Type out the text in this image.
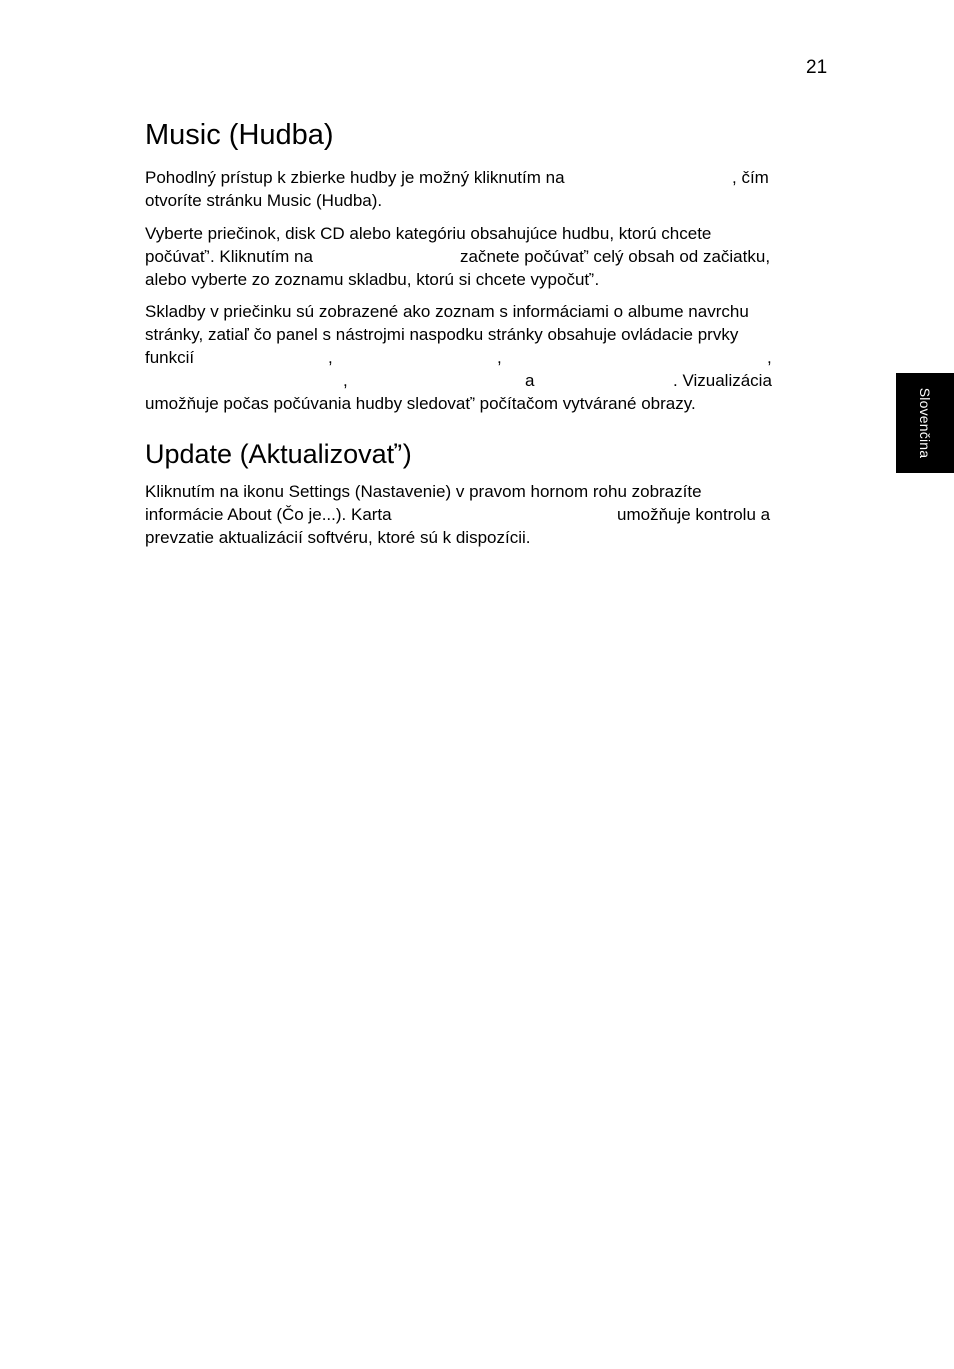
21
Slovenčina
Music (Hudba)
Pohodlný prístup k zbierke hudby je možný kliknutím na	, čím
otvoríte stránku Music (Hudba).
Vyberte priečinok, disk CD alebo kategóriu obsahujúce hudbu, ktorú chcete
počúvať’. Kliknutím na	začnete počúvať’ celý obsah od začiatku,
alebo vyberte zo zoznamu skladbu, ktorú si chcete vypočuť’.
Skladby v priečinku sú zobrazené ako zoznam s informáciami o albume navrchu
stránky, zatiaľ čo panel s nástrojmi naspodku stránky obsahuje ovládacie prvky
funkcií	,	,	,
,	a	. Vizualizácia
umožňuje počas počúvania hudby sledovať’ počítačom vytvárané obrazy.
Update (Aktualizovať’)
Kliknutím na ikonu Settings (Nastavenie) v pravom hornom rohu zobrazíte
informácie About (Čo je...). Karta	umožňuje kontrolu a
prevzatie aktualizácií softvéru, ktoré sú k dispozícii.
